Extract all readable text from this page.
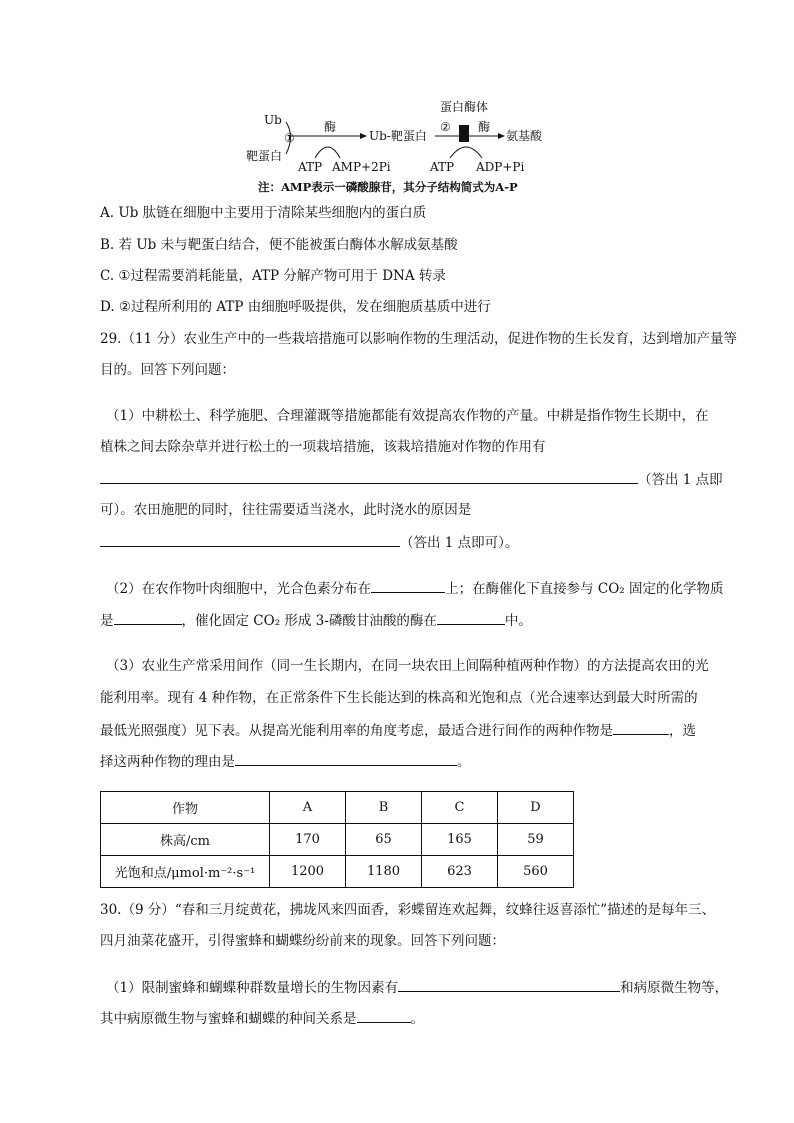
Ub
靶蛋白
①
酶
ATP AMP+2Pi
Ub-靶蛋白
蛋白酶体
② 酶
氨基酸
ATP ADP+Pi
注：AMP表示一磷酸腺苷，其分子结构简式为A-P
A. Ub 肽链在细胞中主要用于清除某些细胞内的蛋白质
B. 若 Ub 未与靶蛋白结合，便不能被蛋白酶体水解成氨基酸
C. ①过程需要消耗能量，ATP 分解产物可用于 DNA 转录
D. ②过程所利用的 ATP 由细胞呼吸提供，发在细胞质基质中进行
29.（11 分）农业生产中的一些栽培措施可以影响作物的生理活动，促进作物的生长发育，达到增加产量等
目的。回答下列问题：
（1）中耕松土、科学施肥、合理灌溉等措施都能有效提高农作物的产量。中耕是指作物生长期中，在
植株之间去除杂草并进行松土的一项栽培措施，该栽培措施对作物的作用有
（答出 1 点即
可）。农田施肥的同时，往往需要适当浇水，此时浇水的原因是
（答出 1 点即可）。
（2）在农作物叶肉细胞中，光合色素分布在	上；在酶催化下直接参与 CO₂ 固定的化学物质
是	，催化固定 CO₂ 形成 3-磷酸甘油酸的酶在	中。
（3）农业生产常采用间作（同一生长期内，在同一块农田上间隔种植两种作物）的方法提高农田的光
能利用率。现有 4 种作物，在正常条件下生长能达到的株高和光饱和点（光合速率达到最大时所需的
最低光照强度）见下表。从提高光能利用率的角度考虑，最适合进行间作的两种作物是	，选
择这两种作物的理由是	。
作物	A	B	C	D
株高/cm	170	65	165	59
光饱和点/μmol·m⁻²·s⁻¹	1200	1180	623	560
30.（9 分）“春和三月绽黄花，拂垅风来四面香，彩蝶留连欢起舞，纹蜂往返喜添忙”描述的是每年三、
四月油菜花盛开，引得蜜蜂和蝴蝶纷纷前来的现象。回答下列问题：
（1）限制蜜蜂和蝴蝶种群数量增长的生物因素有	和病原微生物等，
其中病原微生物与蜜蜂和蝴蝶的种间关系是	。
